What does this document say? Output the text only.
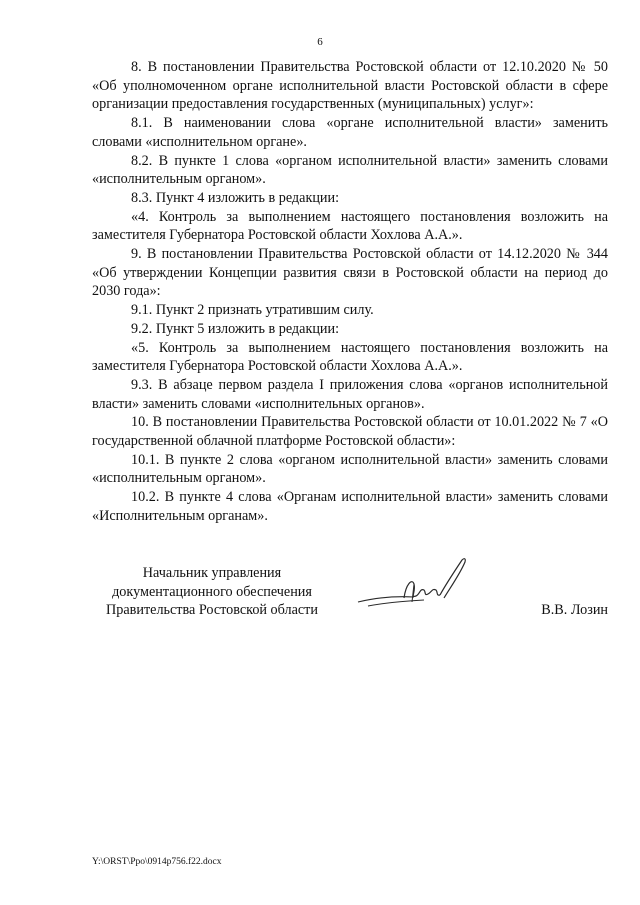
6

8. В постановлении Правительства Ростовской области от 12.10.2020 № 50 «Об уполномоченном органе исполнительной власти Ростовской области в сфере организации предоставления государственных (муниципальных) услуг»:

8.1. В наименовании слова «органе исполнительной власти» заменить словами «исполнительном органе».

8.2. В пункте 1 слова «органом исполнительной власти» заменить словами «исполнительным органом».

8.3. Пункт 4 изложить в редакции:

«4. Контроль за выполнением настоящего постановления возложить на заместителя Губернатора Ростовской области Хохлова А.А.».

9. В постановлении Правительства Ростовской области от 14.12.2020 № 344 «Об утверждении Концепции развития связи в Ростовской области на период до 2030 года»:

9.1. Пункт 2 признать утратившим силу.

9.2. Пункт 5 изложить в редакции:

«5. Контроль за выполнением настоящего постановления возложить на заместителя Губернатора Ростовской области Хохлова А.А.».

9.3. В абзаце первом раздела I приложения слова «органов исполнительной власти» заменить словами «исполнительных органов».

10. В постановлении Правительства Ростовской области от 10.01.2022 № 7 «О государственной облачной платформе Ростовской области»:

10.1. В пункте 2 слова «органом исполнительной власти» заменить словами «исполнительным органом».

10.2. В пункте 4 слова «Органам исполнительной власти» заменить словами «Исполнительным органам».

Начальник управления
документационного обеспечения
Правительства Ростовской области	В.В. Лозин
Y:\ORST\Ppo\0914p756.f22.docx
